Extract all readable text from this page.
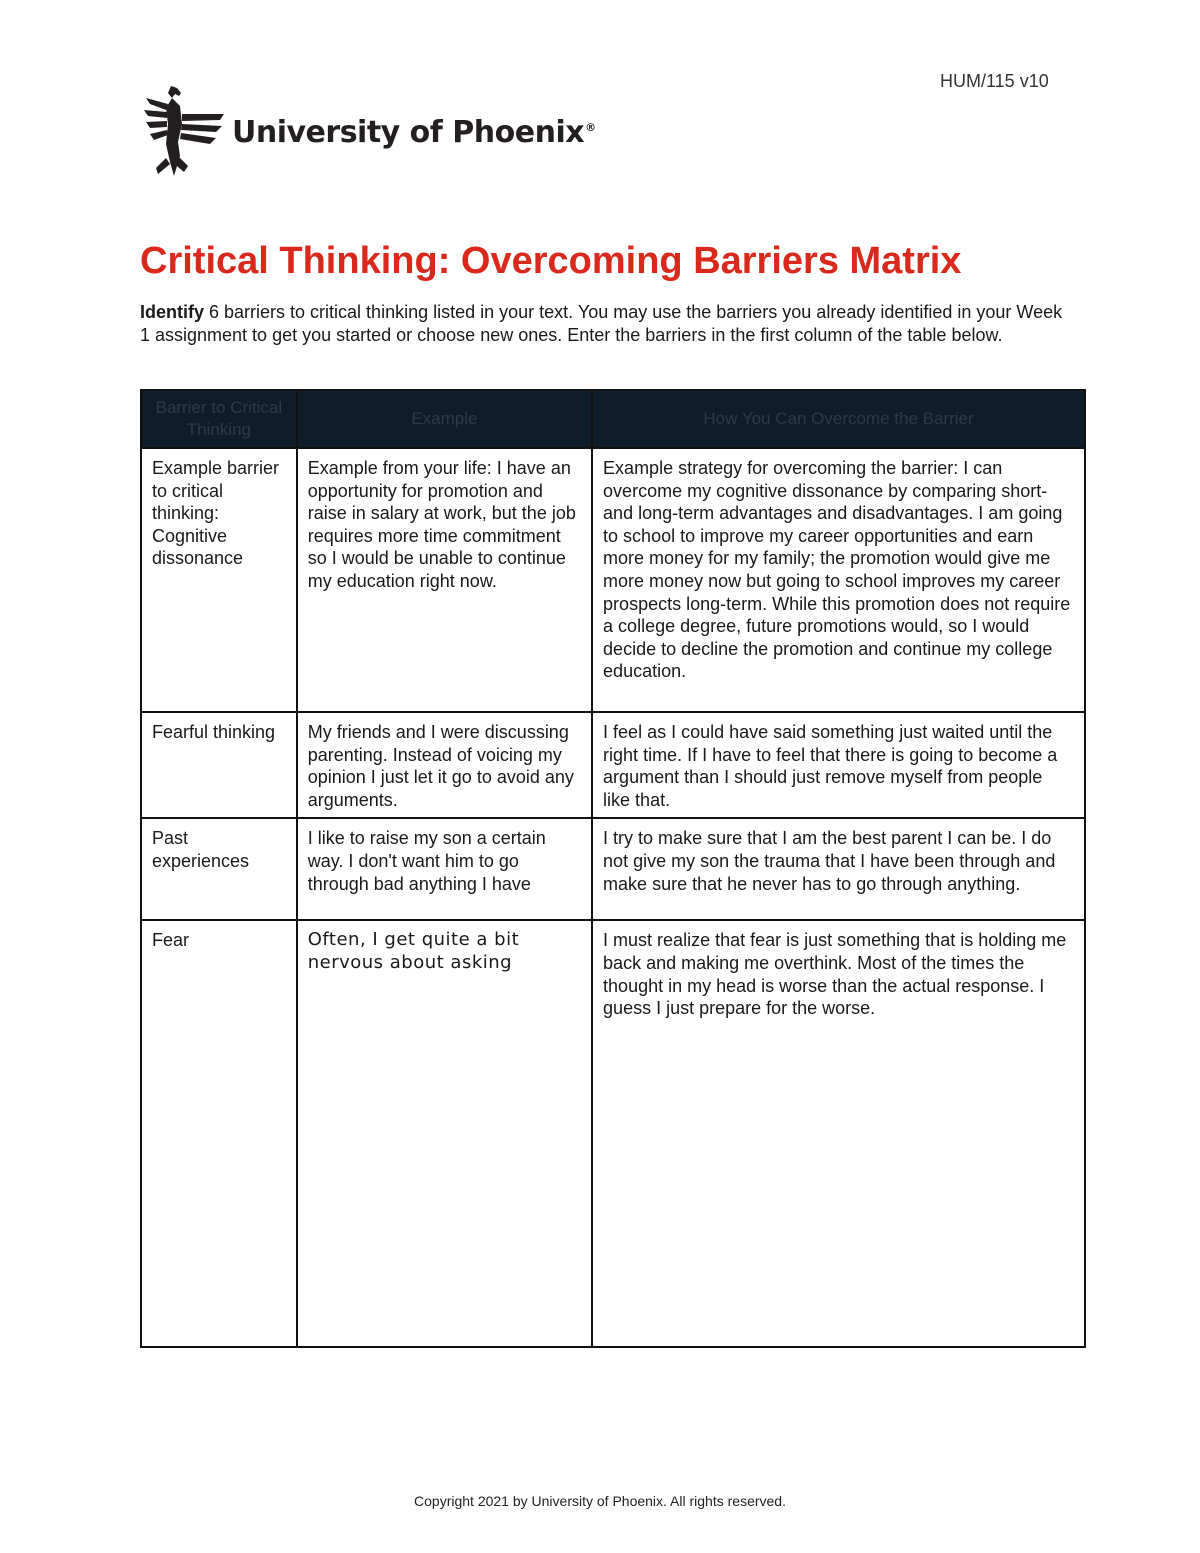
HUM/115 v10
University of Phoenix®
Critical Thinking: Overcoming Barriers Matrix

Identify 6 barriers to critical thinking listed in your text. You may use the barriers you already identified in your Week 1 assignment to get you started or choose new ones. Enter the barriers in the first column of the table below.

Barrier to Critical Thinking	Example	How You Can Overcome the Barrier
Example barrier to critical thinking: Cognitive dissonance	Example from your life: I have an opportunity for promotion and raise in salary at work, but the job requires more time commitment so I would be unable to continue my education right now.	Example strategy for overcoming the barrier: I can overcome my cognitive dissonance by comparing short- and long-term advantages and disadvantages. I am going to school to improve my career opportunities and earn more money for my family; the promotion would give me more money now but going to school improves my career prospects long-term. While this promotion does not require a college degree, future promotions would, so I would decide to decline the promotion and continue my college education.
Fearful thinking	My friends and I were discussing parenting. Instead of voicing my opinion I just let it go to avoid any arguments.	I feel as I could have said something just waited until the right time. If I have to feel that there is going to become a argument than I should just remove myself from people like that.
Past experiences	I like to raise my son a certain way. I don't want him to go through bad anything I have	I try to make sure that I am the best parent I can be. I do not give my son the trauma that I have been through and make sure that he never has to go through anything.
Fear	Often, I get quite a bit nervous about asking	I must realize that fear is just something that is holding me back and making me overthink. Most of the times the thought in my head is worse than the actual response. I guess I just prepare for the worse.
Copyright 2021 by University of Phoenix. All rights reserved.
